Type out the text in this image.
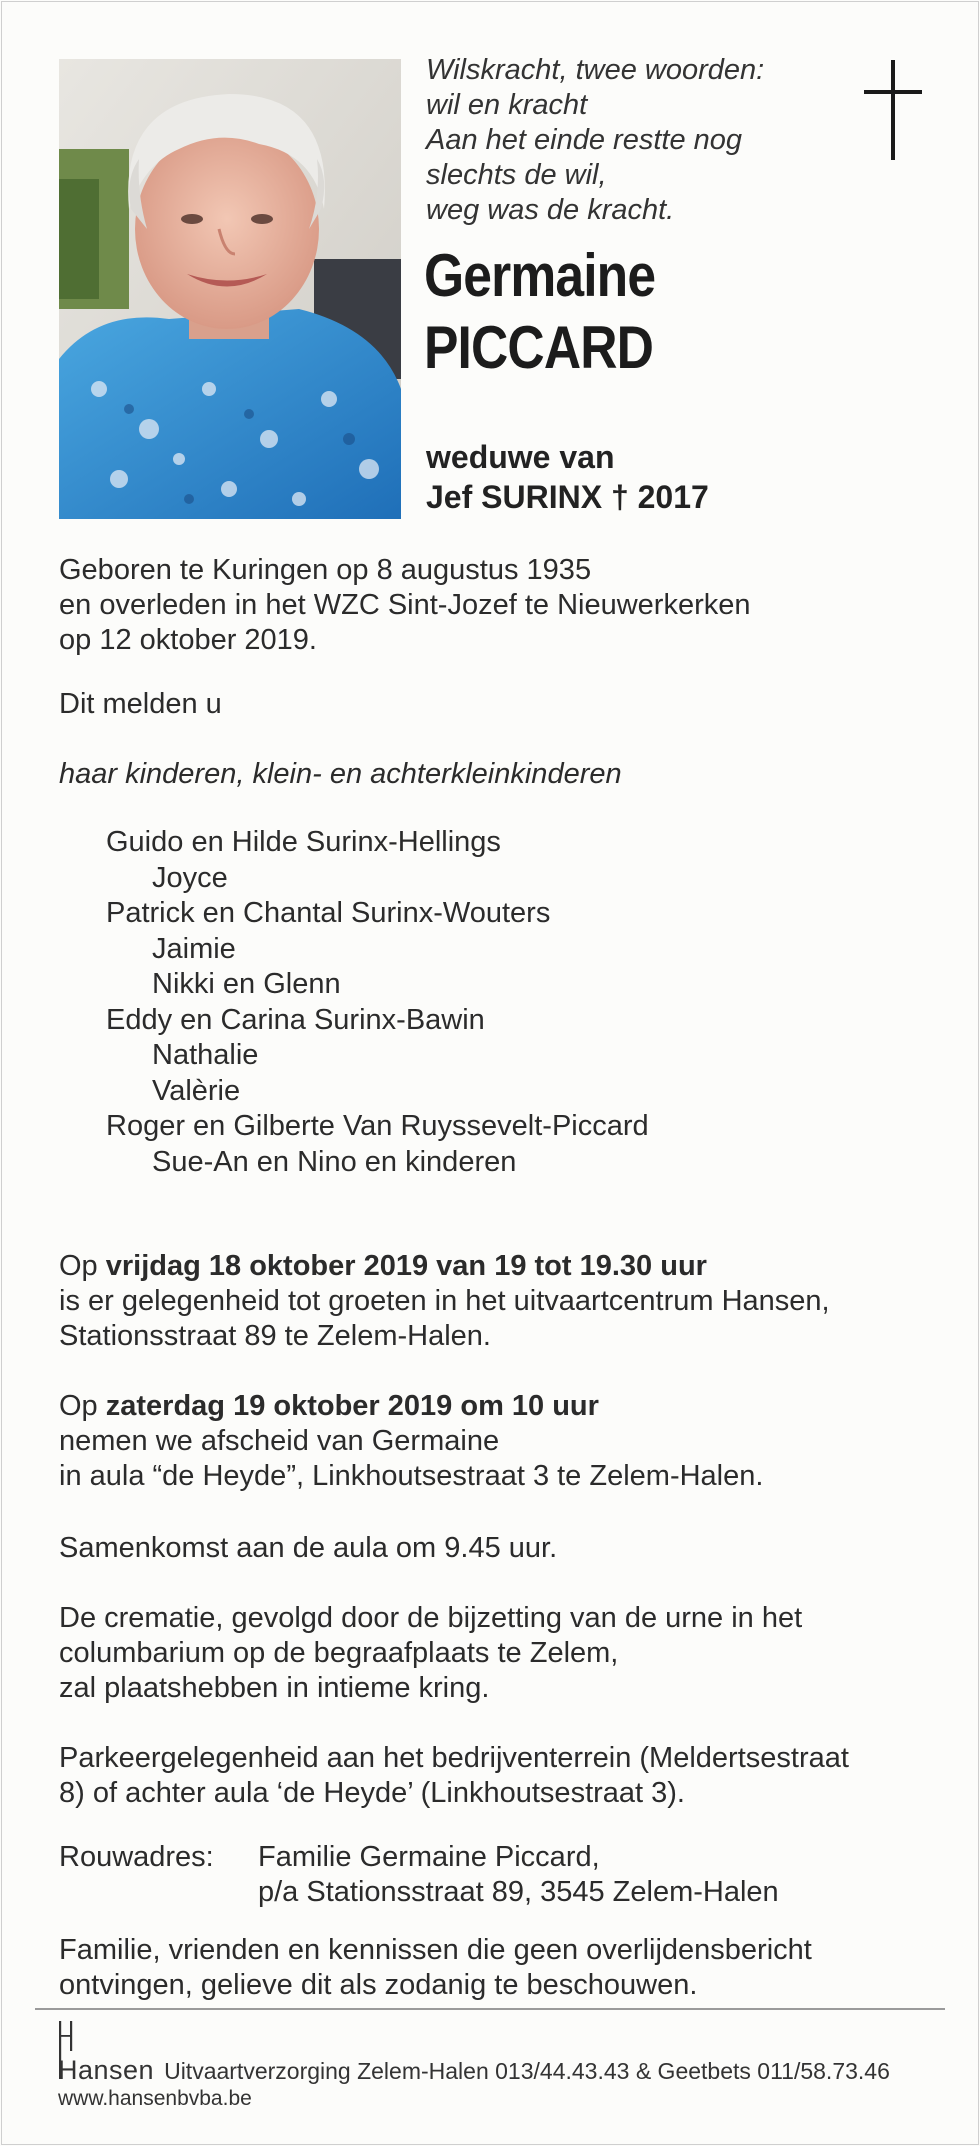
Wilskracht, twee woorden:
wil en kracht
Aan het einde restte nog
slechts de wil,
weg was de kracht.
Germaine
PICCARD
weduwe van
Jef SURINX † 2017
Geboren te Kuringen op 8 augustus 1935
en overleden in het WZC Sint-Jozef te Nieuwerkerken
op 12 oktober 2019.
Dit melden u
haar kinderen, klein- en achterkleinkinderen
Guido en Hilde Surinx-Hellings
Joyce
Patrick en Chantal Surinx-Wouters
Jaimie
Nikki en Glenn
Eddy en Carina Surinx-Bawin
Nathalie
Valèrie
Roger en Gilberte Van Ruyssevelt-Piccard
Sue-An en Nino en kinderen
Op vrijdag 18 oktober 2019 van 19 tot 19.30 uur
is er gelegenheid tot groeten in het uitvaartcentrum Hansen,
Stationsstraat 89 te Zelem-Halen.
Op zaterdag 19 oktober 2019 om 10 uur
nemen we afscheid van Germaine
in aula “de Heyde”, Linkhoutsestraat 3 te Zelem-Halen.
Samenkomst aan de aula om 9.45 uur.
De crematie, gevolgd door de bijzetting van de urne in het
columbarium op de begraafplaats te Zelem,
zal plaatshebben in intieme kring.
Parkeergelegenheid aan het bedrijventerrein (Meldertsestraat
8) of achter aula ‘de Heyde’ (Linkhoutsestraat 3).
Rouwadres:	Familie Germaine Piccard,
p/a Stationsstraat 89, 3545 Zelem-Halen
Familie, vrienden en kennissen die geen overlijdensbericht
ontvingen, gelieve dit als zodanig te beschouwen.
Hansen Uitvaartverzorging Zelem-Halen 013/44.43.43 & Geetbets 011/58.73.46
www.hansenbvba.be
